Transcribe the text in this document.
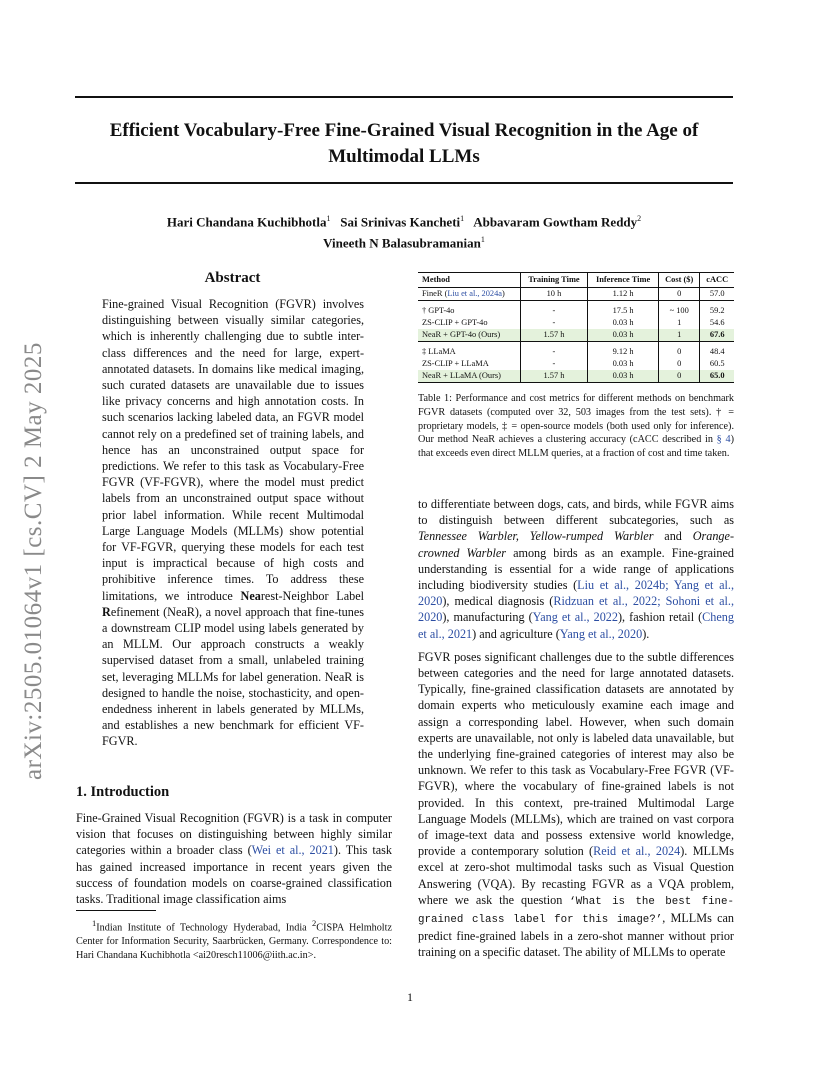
Efficient Vocabulary-Free Fine-Grained Visual Recognition in the Age of Multimodal LLMs
Hari Chandana Kuchibhotla$^1$ Sai Srinivas Kancheti$^1$ Abbavaram Gowtham Reddy$^2$
Vineeth N Balasubramanian$^1$
arXiv:2505.01064v1 [cs.CV] 2 May 2025
Abstract
Fine-grained Visual Recognition (FGVR) involves distinguishing between visually similar categories, which is inherently challenging due to subtle inter-class differences and the need for large, expert-annotated datasets. In domains like medical imaging, such curated datasets are unavailable due to issues like privacy concerns and high annotation costs. In such scenarios lacking labeled data, an FGVR model cannot rely on a predefined set of training labels, and hence has an unconstrained output space for predictions. We refer to this task as Vocabulary-Free FGVR (VF-FGVR), where the model must predict labels from an unconstrained output space without prior label information. While recent Multimodal Large Language Models (MLLMs) show potential for VF-FGVR, querying these models for each test input is impractical because of high costs and prohibitive inference times. To address these limitations, we introduce Nearest-Neighbor Label Refinement (NeaR), a novel approach that fine-tunes a downstream CLIP model using labels generated by an MLLM. Our approach constructs a weakly supervised dataset from a small, unlabeled training set, leveraging MLLMs for label generation. NeaR is designed to handle the noise, stochasticity, and open-endedness inherent in labels generated by MLLMs, and establishes a new benchmark for efficient VF-FGVR.
1. Introduction
Fine-Grained Visual Recognition (FGVR) is a task in computer vision that focuses on distinguishing between highly similar categories within a broader class (Wei et al., 2021). This task has gained increased importance in recent years given the success of foundation models on coarse-grained classification tasks. Traditional image classification aims
$^1$Indian Institute of Technology Hyderabad, India $^2$CISPA Helmholtz Center for Information Security, Saarbrücken, Germany. Correspondence to: Hari Chandana Kuchibhotla <ai20resch11006@iith.ac.in>.
Method	Training Time	Inference Time	Cost ($)	cACC
FineR (Liu et al., 2024a)	10 h	1.12 h	0	57.0
† GPT-4o	-	17.5 h	~ 100	59.2
ZS-CLIP + GPT-4o	-	0.03 h	1	54.6
NeaR + GPT-4o (Ours)	1.57 h	0.03 h	1	67.6
‡ LLaMA	-	9.12 h	0	48.4
ZS-CLIP + LLaMA	-	0.03 h	0	60.5
NeaR + LLaMA (Ours)	1.57 h	0.03 h	0	65.0
Table 1: Performance and cost metrics for different methods on benchmark FGVR datasets (computed over 32, 503 images from the test sets). † = proprietary models, ‡ = open-source models (both used only for inference). Our method NeaR achieves a clustering accuracy (cACC described in § 4) that exceeds even direct MLLM queries, at a fraction of cost and time taken.

to differentiate between dogs, cats, and birds, while FGVR aims to distinguish between different subcategories, such as Tennessee Warbler, Yellow-rumped Warbler and Orange-crowned Warbler among birds as an example. Fine-grained understanding is essential for a wide range of applications including biodiversity studies (Liu et al., 2024b; Yang et al., 2020), medical diagnosis (Ridzuan et al., 2022; Sohoni et al., 2020), manufacturing (Yang et al., 2022), fashion retail (Cheng et al., 2021) and agriculture (Yang et al., 2020).

FGVR poses significant challenges due to the subtle differences between categories and the need for large annotated datasets. Typically, fine-grained classification datasets are annotated by domain experts who meticulously examine each image and assign a corresponding label. However, when such domain experts are unavailable, not only is labeled data unavailable, but the underlying fine-grained categories of interest may also be unknown. We refer to this task as Vocabulary-Free FGVR (VF-FGVR), where the vocabulary of fine-grained labels is not provided. In this context, pre-trained Multimodal Large Language Models (MLLMs), which are trained on vast corpora of image-text data and possess extensive world knowledge, provide a contemporary solution (Reid et al., 2024). MLLMs excel at zero-shot multimodal tasks such as Visual Question Answering (VQA). By recasting FGVR as a VQA problem, where we ask the question ‘What is the best fine-grained class label for this image?’, MLLMs can predict fine-grained labels in a zero-shot manner without prior training on a specific dataset. The ability of MLLMs to operate

1
